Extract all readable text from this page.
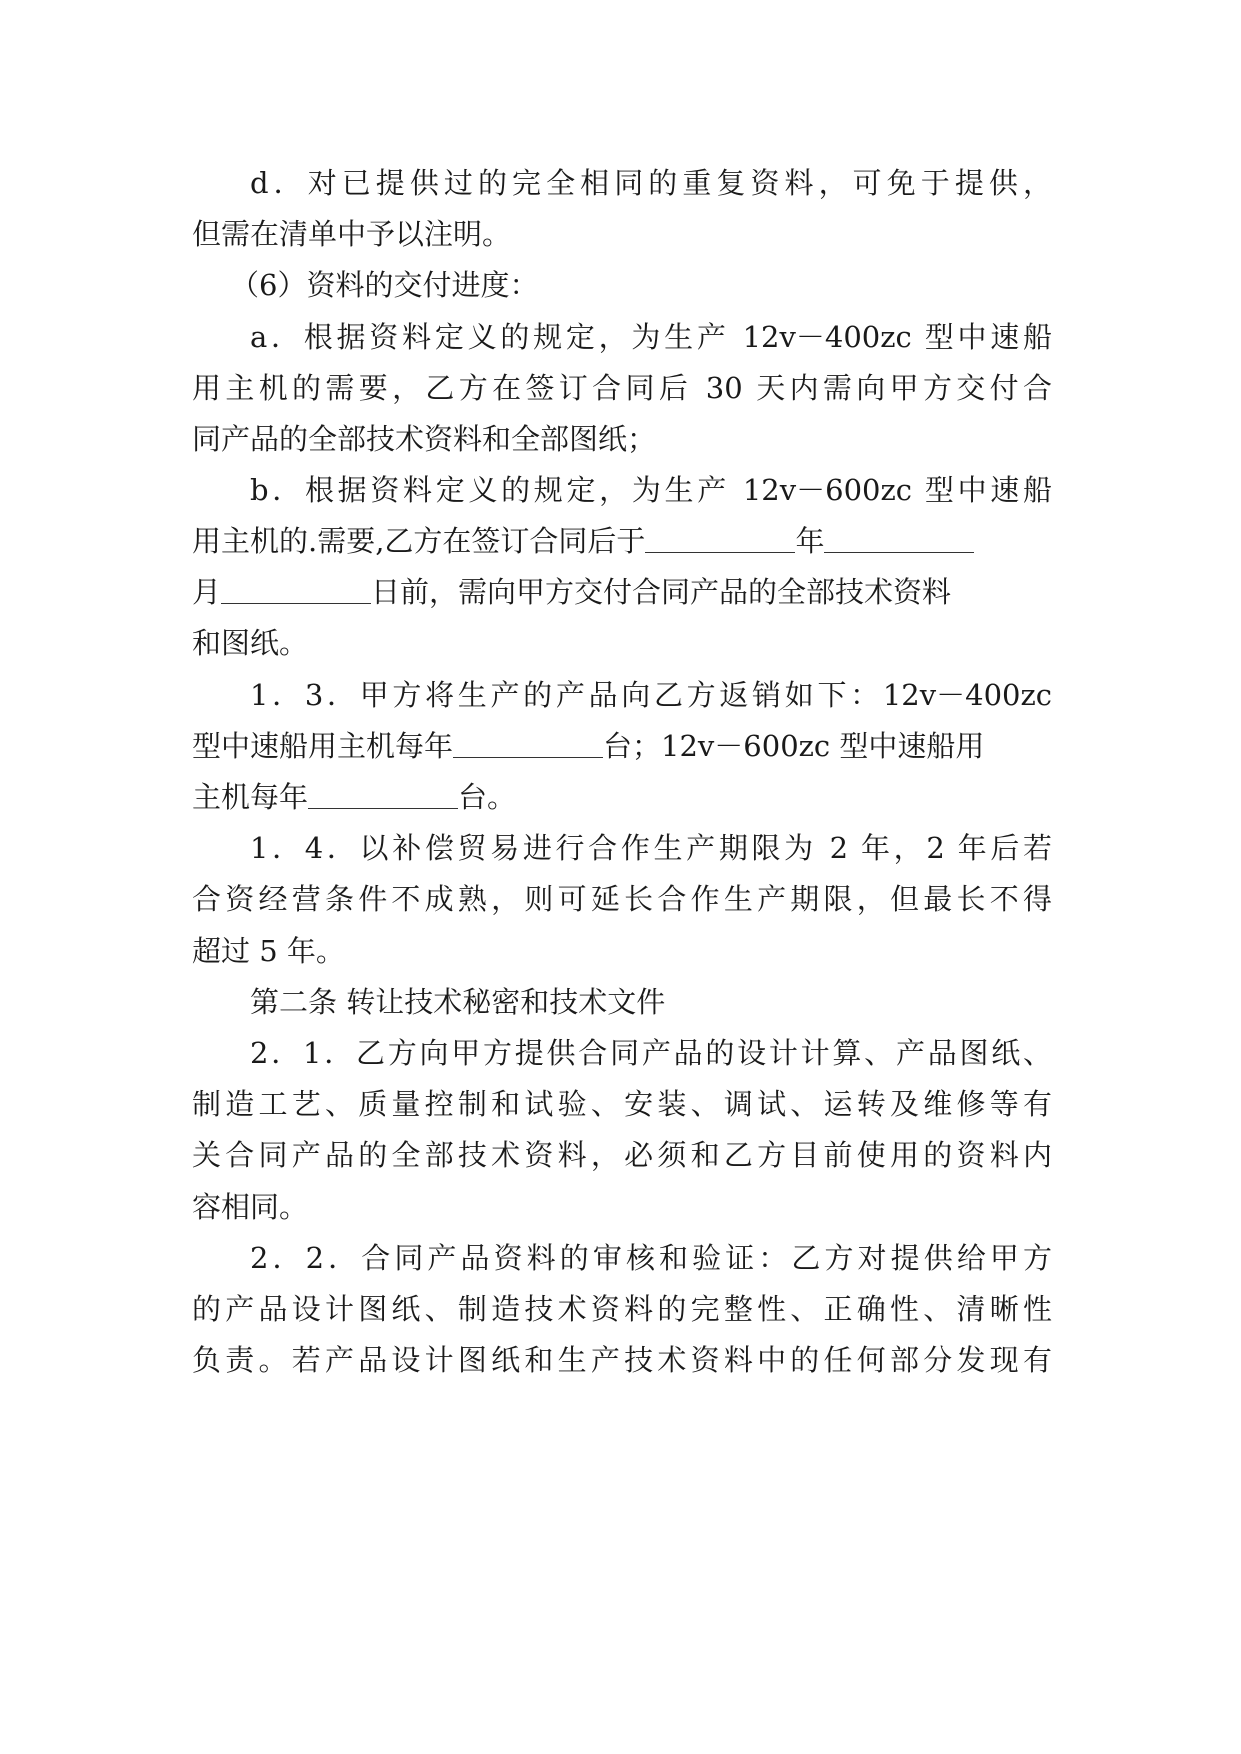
d．对已提供过的完全相同的重复资料，可免于提供，
但需在清单中予以注明。
（6）资料的交付进度：
a．根据资料定义的规定，为生产 12v－400zc 型中速船
用主机的需要，乙方在签订合同后 30 天内需向甲方交付合
同产品的全部技术资料和全部图纸；
b．根据资料定义的规定，为生产 12v－600zc 型中速船
用主机的.需要,乙方在签订合同后于	年
月	日前，需向甲方交付合同产品的全部技术资料
和图纸。
1．3．甲方将生产的产品向乙方返销如下：12v－400zc
型中速船用主机每年	台；12v－600zc 型中速船用
主机每年	台。
1．4．以补偿贸易进行合作生产期限为 2 年，2 年后若
合资经营条件不成熟，则可延长合作生产期限，但最长不得
超过 5 年。
第二条 转让技术秘密和技术文件
2．1．乙方向甲方提供合同产品的设计计算、产品图纸、
制造工艺、质量控制和试验、安装、调试、运转及维修等有
关合同产品的全部技术资料，必须和乙方目前使用的资料内
容相同。
2．2．合同产品资料的审核和验证：乙方对提供给甲方
的产品设计图纸、制造技术资料的完整性、正确性、清晰性
负责。若产品设计图纸和生产技术资料中的任何部分发现有
